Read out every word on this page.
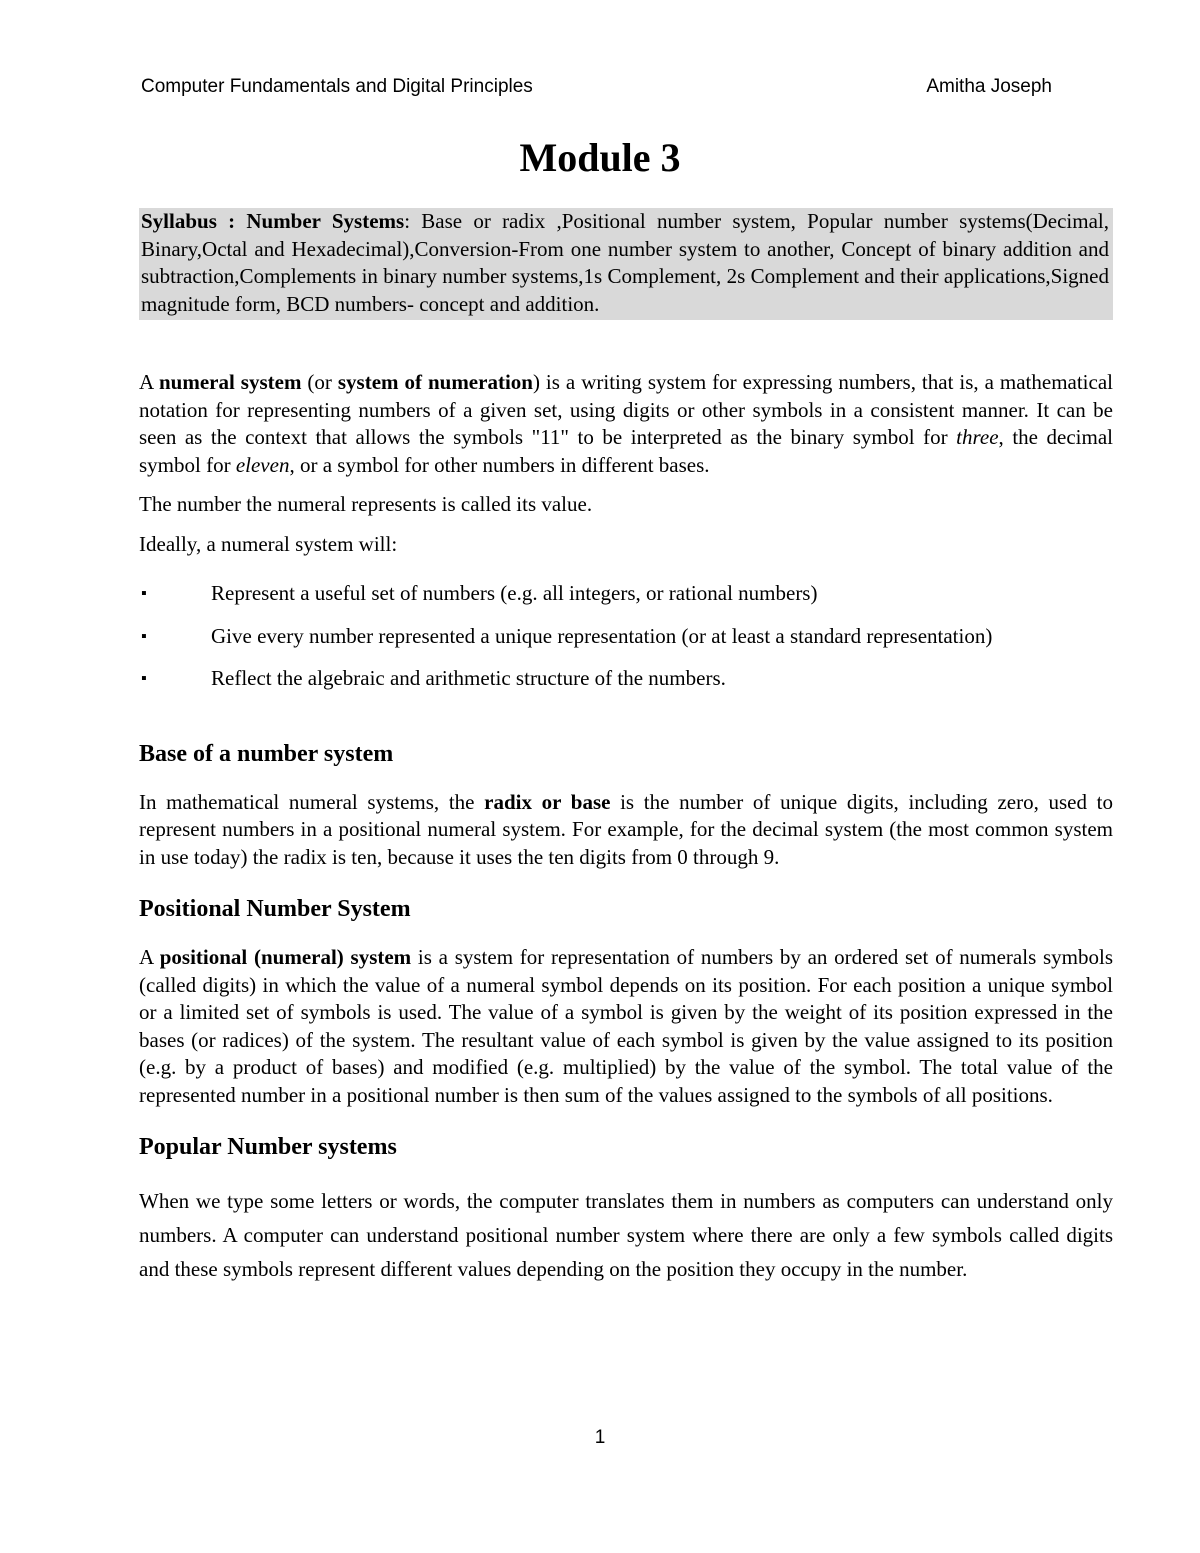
Computer Fundamentals and Digital Principles	Amitha Joseph
Module 3

Syllabus : Number Systems: Base or radix ,Positional number system, Popular number systems(Decimal, Binary,Octal and Hexadecimal),Conversion-From one number system to another, Concept of binary addition and subtraction,Complements in binary number systems,1s Complement, 2s Complement and their applications,Signed magnitude form, BCD numbers- concept and addition.

A numeral system (or system of numeration) is a writing system for expressing numbers, that is, a mathematical notation for representing numbers of a given set, using digits or other symbols in a consistent manner. It can be seen as the context that allows the symbols "11" to be interpreted as the binary symbol for three, the decimal symbol for eleven, or a symbol for other numbers in different bases.

The number the numeral represents is called its value.

Ideally, a numeral system will:

▪	Represent a useful set of numbers (e.g. all integers, or rational numbers)
▪	Give every number represented a unique representation (or at least a standard representation)
▪	Reflect the algebraic and arithmetic structure of the numbers.
Base of a number system

In mathematical numeral systems, the radix or base is the number of unique digits, including zero, used to represent numbers in a positional numeral system. For example, for the decimal system (the most common system in use today) the radix is ten, because it uses the ten digits from 0 through 9.

Positional Number System

A positional (numeral) system is a system for representation of numbers by an ordered set of numerals symbols (called digits) in which the value of a numeral symbol depends on its position. For each position a unique symbol or a limited set of symbols is used. The value of a symbol is given by the weight of its position expressed in the bases (or radices) of the system. The resultant value of each symbol is given by the value assigned to its position (e.g. by a product of bases) and modified (e.g. multiplied) by the value of the symbol. The total value of the represented number in a positional number is then sum of the values assigned to the symbols of all positions.

Popular Number systems

When we type some letters or words, the computer translates them in numbers as computers can understand only numbers. A computer can understand positional number system where there are only a few symbols called digits and these symbols represent different values depending on the position they occupy in the number.

1
